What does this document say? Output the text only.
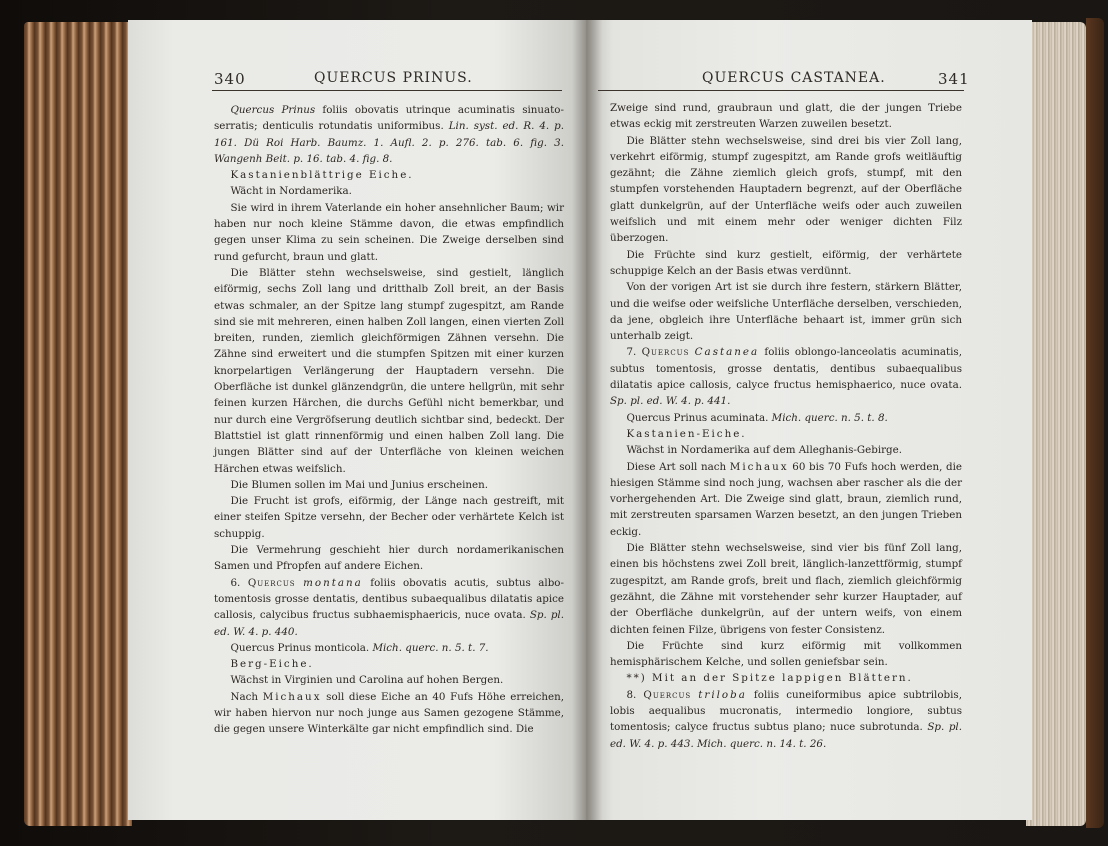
340	QUERCUS PRINUS.

Quercus Prinus foliis obovatis utrinque acuminatis sinuato-serratis; denticulis rotundatis uniformibus. Lin. syst. ed. R. 4. p. 161. Dü Roi Harb. Baumz. 1. Aufl. 2. p. 276. tab. 6. fig. 3. Wangenh Beit. p. 16. tab. 4. fig. 8.

Kastanienblättrige Eiche.

Wächt in Nordamerika.

Sie wird in ihrem Vaterlande ein hoher ansehnlicher Baum; wir haben nur noch kleine Stämme davon, die etwas empfindlich gegen unser Klima zu sein scheinen. Die Zweige derselben sind rund gefurcht, braun und glatt.

Die Blätter stehn wechselsweise, sind gestielt, länglich eiförmig, sechs Zoll lang und dritthalb Zoll breit, an der Basis etwas schmaler, an der Spitze lang stumpf zugespitzt, am Rande sind sie mit mehreren, einen halben Zoll langen, einen vierten Zoll breiten, runden, ziemlich gleichförmigen Zähnen versehn. Die Zähne sind erweitert und die stumpfen Spitzen mit einer kurzen knorpelartigen Verlängerung der Hauptadern versehn. Die Oberfläche ist dunkel glänzendgrün, die untere hellgrün, mit sehr feinen kurzen Härchen, die durchs Gefühl nicht bemerkbar, und nur durch eine Vergröfserung deutlich sichtbar sind, bedeckt. Der Blattstiel ist glatt rinnenförmig und einen halben Zoll lang. Die jungen Blätter sind auf der Unterfläche von kleinen weichen Härchen etwas weifslich.

Die Blumen sollen im Mai und Junius erscheinen.

Die Frucht ist grofs, eiförmig, der Länge nach gestreift, mit einer steifen Spitze versehn, der Becher oder verhärtete Kelch ist schuppig.

Die Vermehrung geschieht hier durch nordamerikanischen Samen und Pfropfen auf andere Eichen.

6. Quercus montana foliis obovatis acutis, subtus albo-tomentosis grosse dentatis, dentibus subaequalibus dilatatis apice callosis, calycibus fructus subhaemisphaericis, nuce ovata. Sp. pl. ed. W. 4. p. 440.

Quercus Prinus monticola. Mich. querc. n. 5. t. 7.

Berg-Eiche.

Wächst in Virginien und Carolina auf hohen Bergen.

Nach Michaux soll diese Eiche an 40 Fufs Höhe erreichen, wir haben hiervon nur noch junge aus Samen gezogene Stämme, die gegen unsere Winterkälte gar nicht empfindlich sind. Die

QUERCUS CASTANEA.	341

Zweige sind rund, graubraun und glatt, die der jungen Triebe etwas eckig mit zerstreuten Warzen zuweilen besetzt.

Die Blätter stehn wechselsweise, sind drei bis vier Zoll lang, verkehrt eiförmig, stumpf zugespitzt, am Rande grofs weitläuftig gezähnt; die Zähne ziemlich gleich grofs, stumpf, mit den stumpfen vorstehenden Hauptadern begrenzt, auf der Oberfläche glatt dunkelgrün, auf der Unterfläche weifs oder auch zuweilen weifslich und mit einem mehr oder weniger dichten Filz überzogen.

Die Früchte sind kurz gestielt, eiförmig, der verhärtete schuppige Kelch an der Basis etwas verdünnt.

Von der vorigen Art ist sie durch ihre festern, stärkern Blätter, und die weifse oder weifsliche Unterfläche derselben, verschieden, da jene, obgleich ihre Unterfläche behaart ist, immer grün sich unterhalb zeigt.

7. Quercus Castanea foliis oblongo-lanceolatis acuminatis, subtus tomentosis, grosse dentatis, dentibus subaequalibus dilatatis apice callosis, calyce fructus hemisphaerico, nuce ovata. Sp. pl. ed. W. 4. p. 441.

Quercus Prinus acuminata. Mich. querc. n. 5. t. 8.

Kastanien-Eiche.

Wächst in Nordamerika auf dem Alleghanis-Gebirge.

Diese Art soll nach Michaux 60 bis 70 Fufs hoch werden, die hiesigen Stämme sind noch jung, wachsen aber rascher als die der vorhergehenden Art. Die Zweige sind glatt, braun, ziemlich rund, mit zerstreuten sparsamen Warzen besetzt, an den jungen Trieben eckig.

Die Blätter stehn wechselsweise, sind vier bis fünf Zoll lang, einen bis höchstens zwei Zoll breit, länglich-lanzettförmig, stumpf zugespitzt, am Rande grofs, breit und flach, ziemlich gleichförmig gezähnt, die Zähne mit vorstehender sehr kurzer Hauptader, auf der Oberfläche dunkelgrün, auf der untern weifs, von einem dichten feinen Filze, übrigens von fester Consistenz.

Die Früchte sind kurz eiförmig mit vollkommen hemisphärischem Kelche, und sollen geniefsbar sein.

**) Mit an der Spitze lappigen Blättern.

8. Quercus triloba foliis cuneiformibus apice subtrilobis, lobis aequalibus mucronatis, intermedio longiore, subtus tomentosis; calyce fructus subtus plano; nuce subrotunda. Sp. pl. ed. W. 4. p. 443. Mich. querc. n. 14. t. 26.
